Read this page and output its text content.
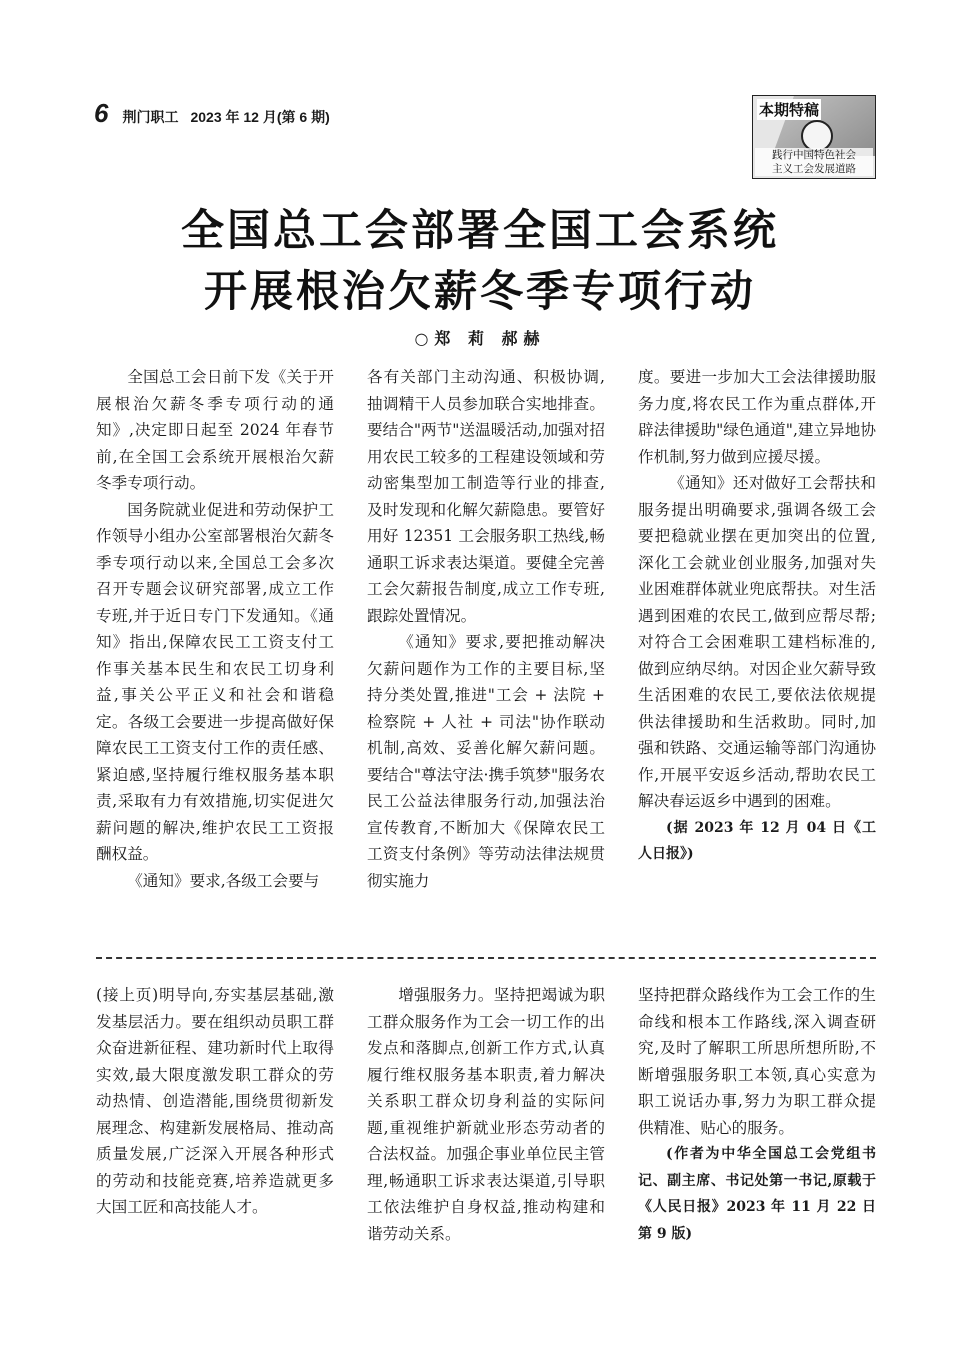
6 荆门职工 2023 年 12 月(第 6 期)	本期特稿
践行中国特色社会
主义工会发展道路
全国总工会部署全国工会系统
开展根治欠薪冬季专项行动
○郑 莉 郝赫

全国总工会日前下发《关于开展根治欠薪冬季专项行动的通知》,决定即日起至 2024 年春节前,在全国工会系统开展根治欠薪冬季专项行动。

国务院就业促进和劳动保护工作领导小组办公室部署根治欠薪冬季专项行动以来,全国总工会多次召开专题会议研究部署,成立工作专班,并于近日专门下发通知。《通知》指出,保障农民工工资支付工作事关基本民生和农民工切身利益,事关公平正义和社会和谐稳定。各级工会要进一步提高做好保障农民工工资支付工作的责任感、紧迫感,坚持履行维权服务基本职责,采取有力有效措施,切实促进欠薪问题的解决,维护农民工工资报酬权益。

《通知》要求,各级工会要与

各有关部门主动沟通、积极协调,抽调精干人员参加联合实地排查。要结合"两节"送温暖活动,加强对招用农民工较多的工程建设领域和劳动密集型加工制造等行业的排查,及时发现和化解欠薪隐患。要管好用好 12351 工会服务职工热线,畅通职工诉求表达渠道。要健全完善工会欠薪报告制度,成立工作专班,跟踪处置情况。

《通知》要求,要把推动解决欠薪问题作为工作的主要目标,坚持分类处置,推进"工会 + 法院 + 检察院 + 人社 + 司法"协作联动机制,高效、妥善化解欠薪问题。要结合"尊法守法·携手筑梦"服务农民工公益法律服务行动,加强法治宣传教育,不断加大《保障农民工工资支付条例》等劳动法律法规贯彻实施力

度。要进一步加大工会法律援助服务力度,将农民工作为重点群体,开辟法律援助"绿色通道",建立异地协作机制,努力做到应援尽援。

《通知》还对做好工会帮扶和服务提出明确要求,强调各级工会要把稳就业摆在更加突出的位置,深化工会就业创业服务,加强对失业困难群体就业兜底帮扶。对生活遇到困难的农民工,做到应帮尽帮;对符合工会困难职工建档标准的,做到应纳尽纳。对因企业欠薪导致生活困难的农民工,要依法依规提供法律援助和生活救助。同时,加强和铁路、交通运输等部门沟通协作,开展平安返乡活动,帮助农民工解决春运返乡中遇到的困难。

(据 2023 年 12 月 04 日《工人日报》)

(接上页)明导向,夯实基层基础,激发基层活力。要在组织动员职工群众奋进新征程、建功新时代上取得实效,最大限度激发职工群众的劳动热情、创造潜能,围绕贯彻新发展理念、构建新发展格局、推动高质量发展,广泛深入开展各种形式的劳动和技能竞赛,培养造就更多大国工匠和高技能人才。

增强服务力。坚持把竭诚为职工群众服务作为工会一切工作的出发点和落脚点,创新工作方式,认真履行维权服务基本职责,着力解决关系职工群众切身利益的实际问题,重视维护新就业形态劳动者的合法权益。加强企事业单位民主管理,畅通职工诉求表达渠道,引导职工依法维护自身权益,推动构建和谐劳动关系。

坚持把群众路线作为工会工作的生命线和根本工作路线,深入调查研究,及时了解职工所思所想所盼,不断增强服务职工本领,真心实意为职工说话办事,努力为职工群众提供精准、贴心的服务。

(作者为中华全国总工会党组书记、副主席、书记处第一书记,原载于《人民日报》2023 年 11 月 22 日第 9 版)
